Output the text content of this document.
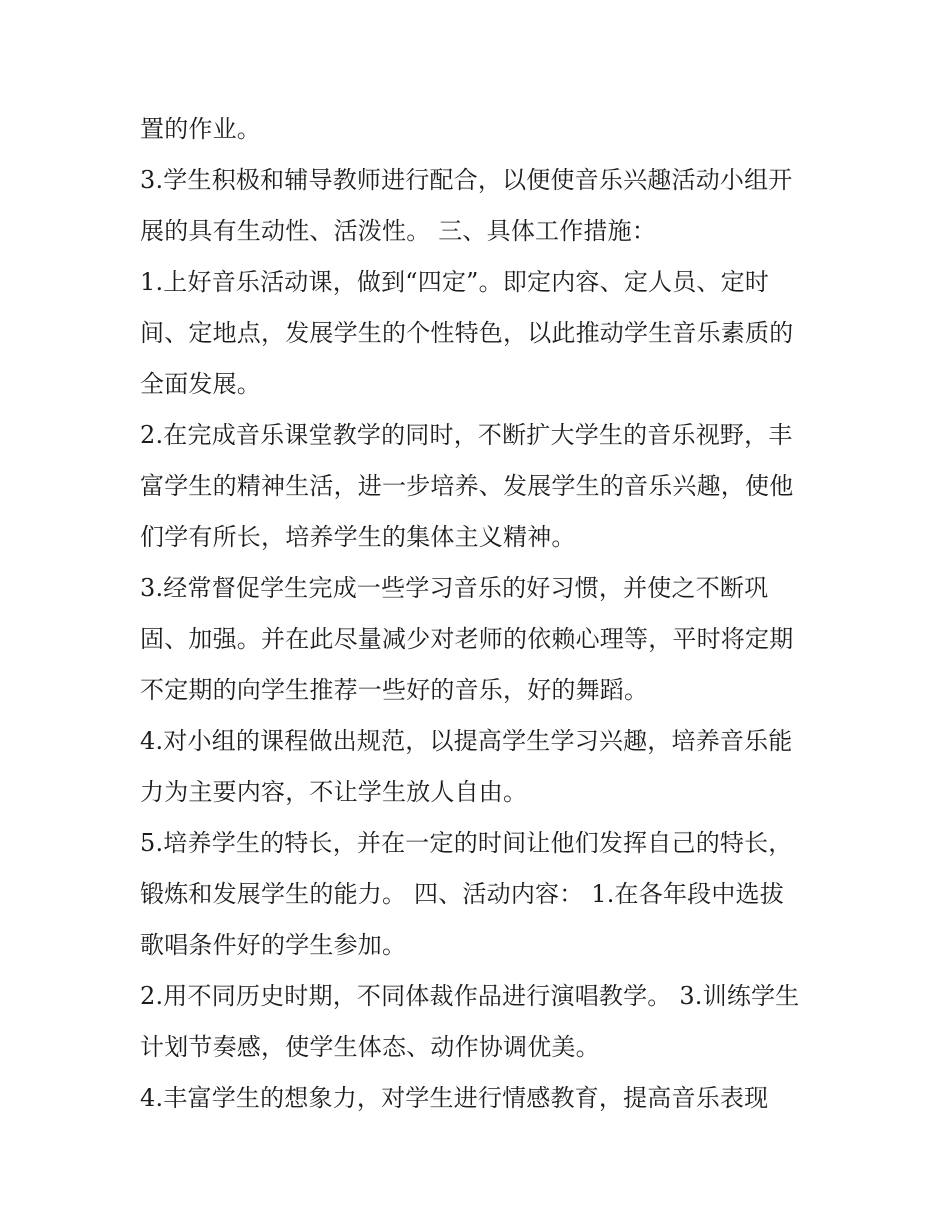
置的作业。
3.学生积极和辅导教师进行配合，以便使音乐兴趣活动小组开
展的具有生动性、活泼性。 三、具体工作措施：
1.上好音乐活动课，做到“四定”。即定内容、定人员、定时
间、定地点，发展学生的个性特色，以此推动学生音乐素质的
全面发展。
2.在完成音乐课堂教学的同时，不断扩大学生的音乐视野，丰
富学生的精神生活，进一步培养、发展学生的音乐兴趣，使他
们学有所长，培养学生的集体主义精神。
3.经常督促学生完成一些学习音乐的好习惯，并使之不断巩
固、加强。并在此尽量减少对老师的依赖心理等，平时将定期
不定期的向学生推荐一些好的音乐，好的舞蹈。
4.对小组的课程做出规范，以提高学生学习兴趣，培养音乐能
力为主要内容，不让学生放人自由。
5.培养学生的特长，并在一定的时间让他们发挥自己的特长，
锻炼和发展学生的能力。 四、活动内容： 1.在各年段中选拔
歌唱条件好的学生参加。
2.用不同历史时期，不同体裁作品进行演唱教学。 3.训练学生
计划节奏感，使学生体态、动作协调优美。
4.丰富学生的想象力，对学生进行情感教育，提高音乐表现
